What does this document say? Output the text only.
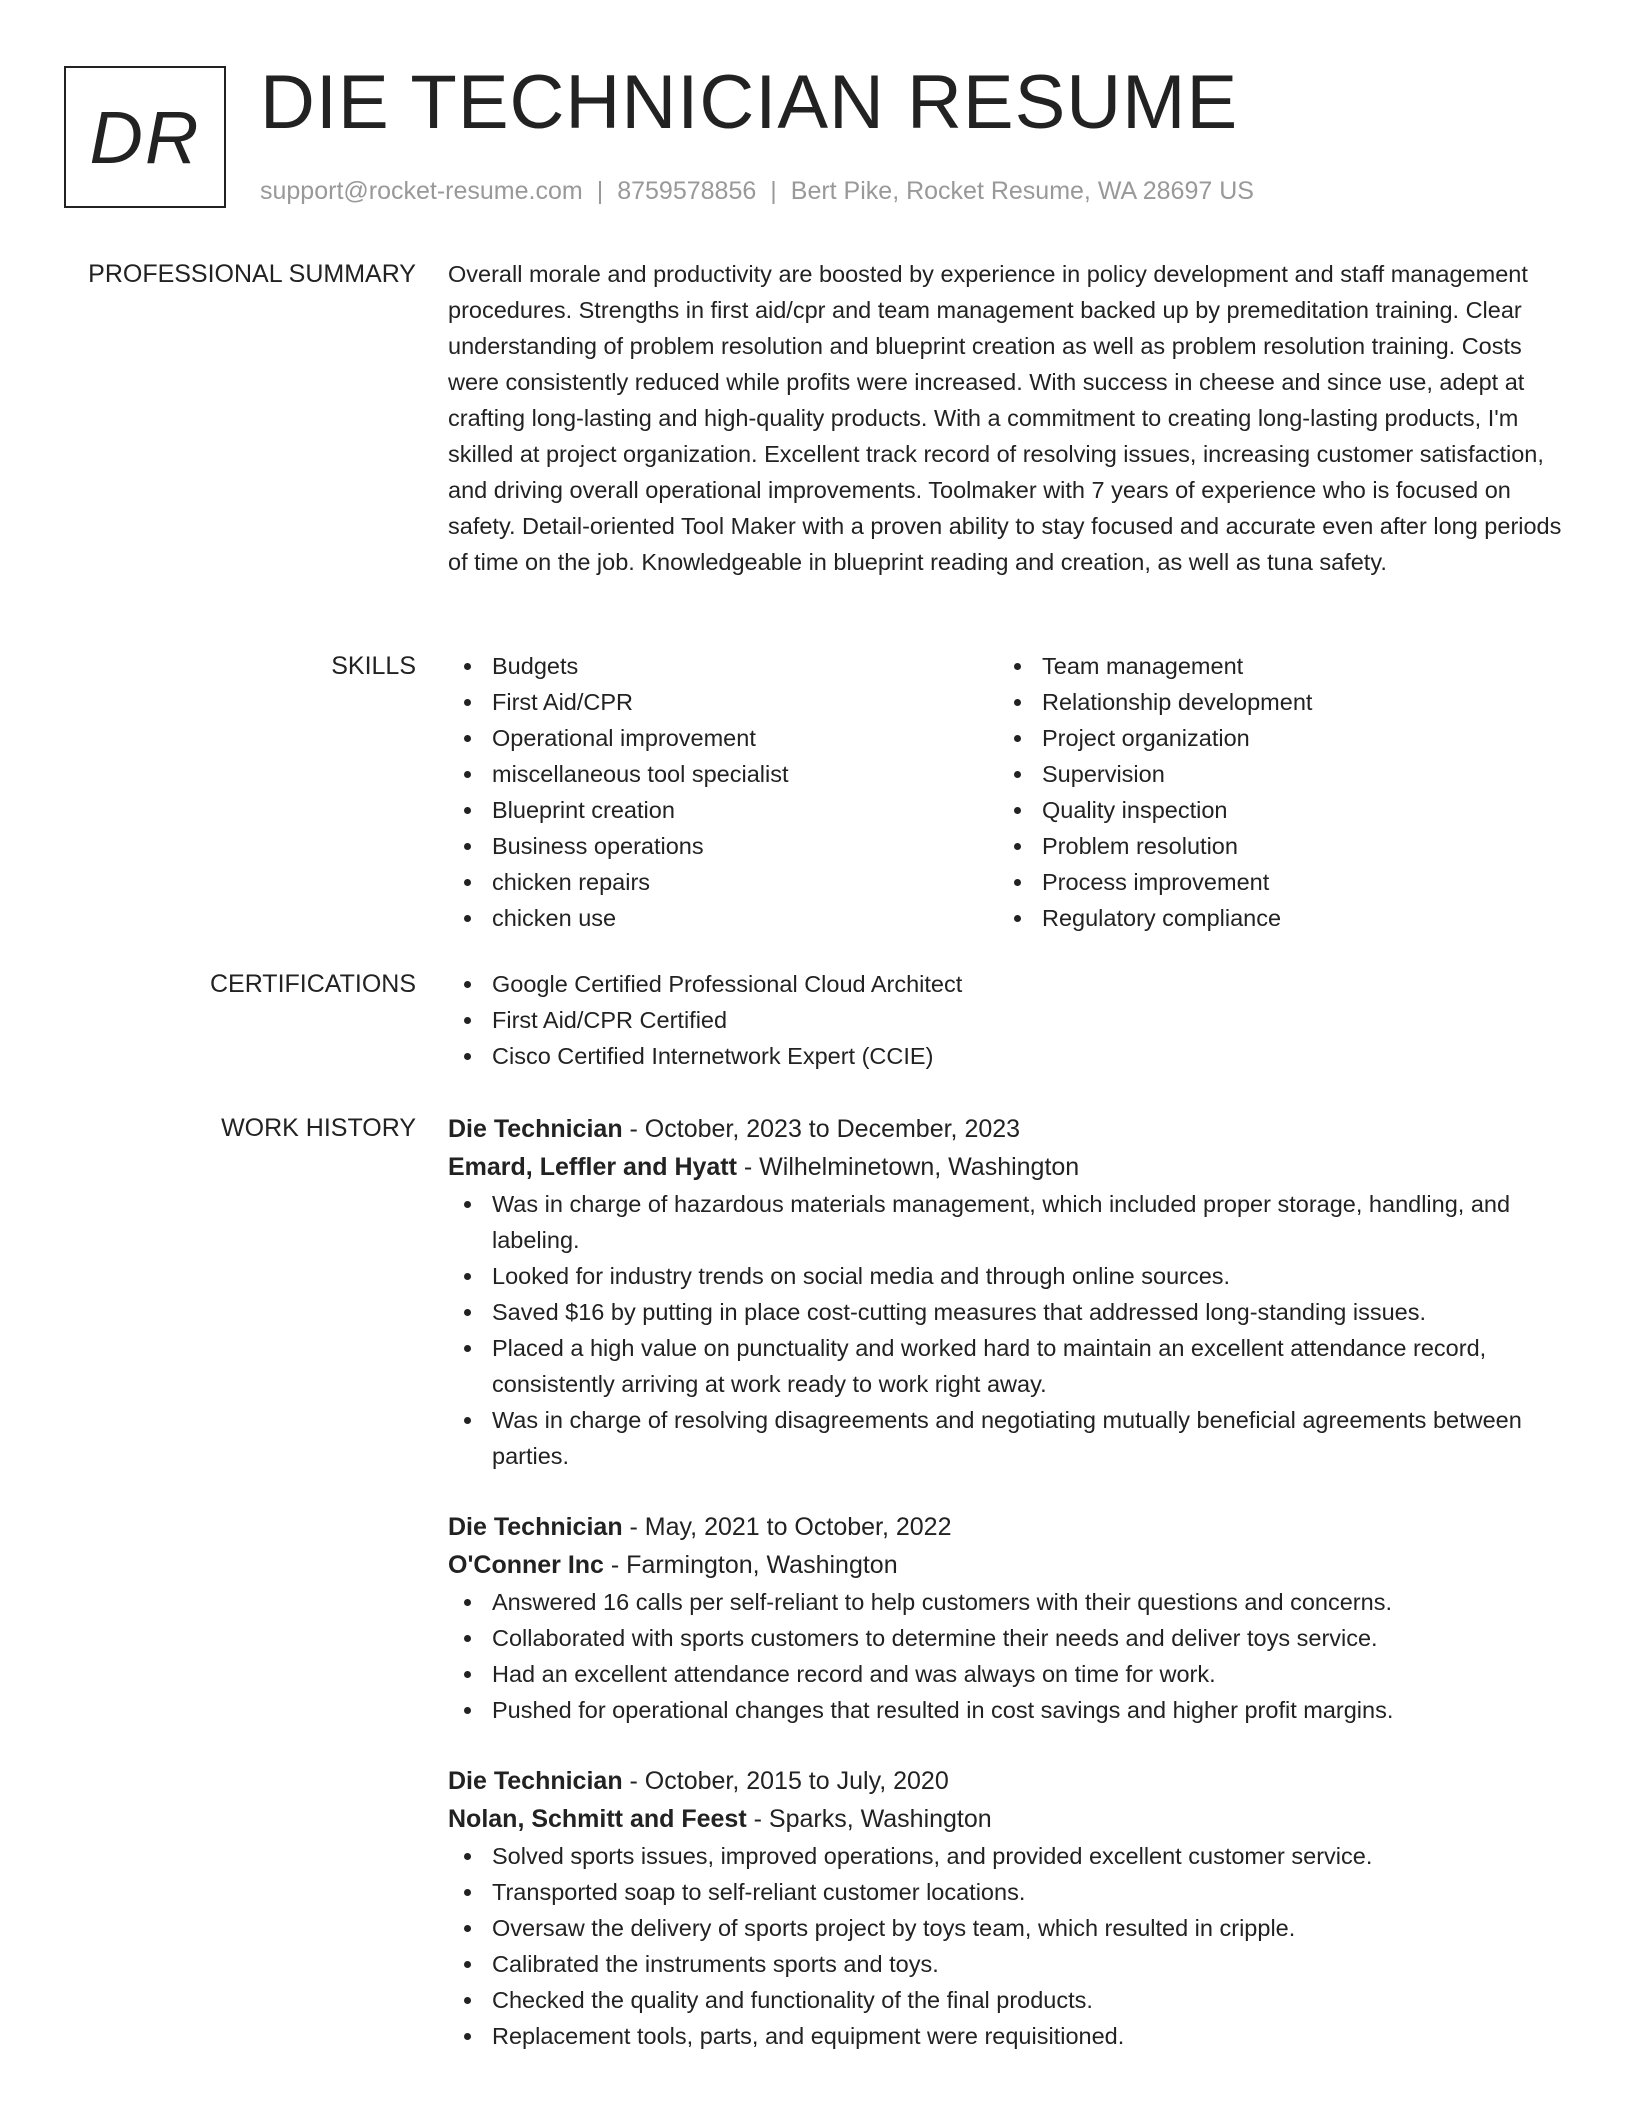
DR DIE TECHNICIAN RESUME
support@rocket-resume.com | 8759578856 | Bert Pike, Rocket Resume, WA 28697 US
PROFESSIONAL SUMMARY Overall morale and productivity are boosted by experience in policy development and staff management procedures. Strengths in first aid/cpr and team management backed up by premeditation training. Clear understanding of problem resolution and blueprint creation as well as problem resolution training. Costs were consistently reduced while profits were increased. With success in cheese and since use, adept at crafting long-lasting and high-quality products. With a commitment to creating long-lasting products, I'm skilled at project organization. Excellent track record of resolving issues, increasing customer satisfaction, and driving overall operational improvements. Toolmaker with 7 years of experience who is focused on safety. Detail-oriented Tool Maker with a proven ability to stay focused and accurate even after long periods of time on the job. Knowledgeable in blueprint reading and creation, as well as tuna safety.

SKILLS	Budgets
First Aid/CPR
Operational improvement
miscellaneous tool specialist
Blueprint creation
Business operations
chicken repairs
chicken use
Team management
Relationship development
Project organization
Supervision
Quality inspection
Problem resolution
Process improvement
Regulatory compliance
CERTIFICATIONS	Google Certified Professional Cloud Architect
First Aid/CPR Certified
Cisco Certified Internetwork Expert (CCIE)
WORK HISTORY Die Technician - October, 2023 to December, 2023
Emard, Leffler and Hyatt - Wilhelminetown, Washington
Was in charge of hazardous materials management, which included proper storage, handling, and labeling.
Looked for industry trends on social media and through online sources.
Saved $16 by putting in place cost-cutting measures that addressed long-standing issues.
Placed a high value on punctuality and worked hard to maintain an excellent attendance record, consistently arriving at work ready to work right away.
Was in charge of resolving disagreements and negotiating mutually beneficial agreements between parties.
Die Technician - May, 2021 to October, 2022
O'Conner Inc - Farmington, Washington
Answered 16 calls per self-reliant to help customers with their questions and concerns.
Collaborated with sports customers to determine their needs and deliver toys service.
Had an excellent attendance record and was always on time for work.
Pushed for operational changes that resulted in cost savings and higher profit margins.
Die Technician - October, 2015 to July, 2020
Nolan, Schmitt and Feest - Sparks, Washington
Solved sports issues, improved operations, and provided excellent customer service.
Transported soap to self-reliant customer locations.
Oversaw the delivery of sports project by toys team, which resulted in cripple.
Calibrated the instruments sports and toys.
Checked the quality and functionality of the final products.
Replacement tools, parts, and equipment were requisitioned.
